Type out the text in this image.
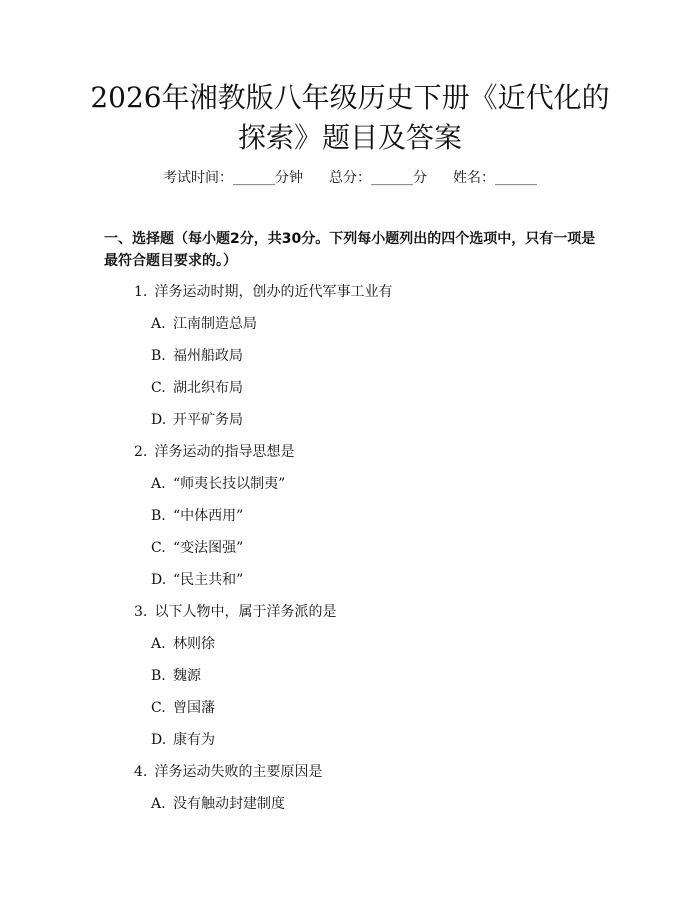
2026年湘教版八年级历史下册《近代化的探索》题目及答案
考试时间：______分钟 总分：______分 姓名：______
一、选择题（每小题2分，共30分。下列每小题列出的四个选项中，只有一项是最符合题目要求的。）
1. 洋务运动时期，创办的近代军事工业有
A. 江南制造总局
B. 福州船政局
C. 湖北织布局
D. 开平矿务局
2. 洋务运动的指导思想是
A. “师夷长技以制夷”
B. “中体西用”
C. “变法图强”
D. “民主共和”
3. 以下人物中，属于洋务派的是
A. 林则徐
B. 魏源
C. 曾国藩
D. 康有为
4. 洋务运动失败的主要原因是
A. 没有触动封建制度
